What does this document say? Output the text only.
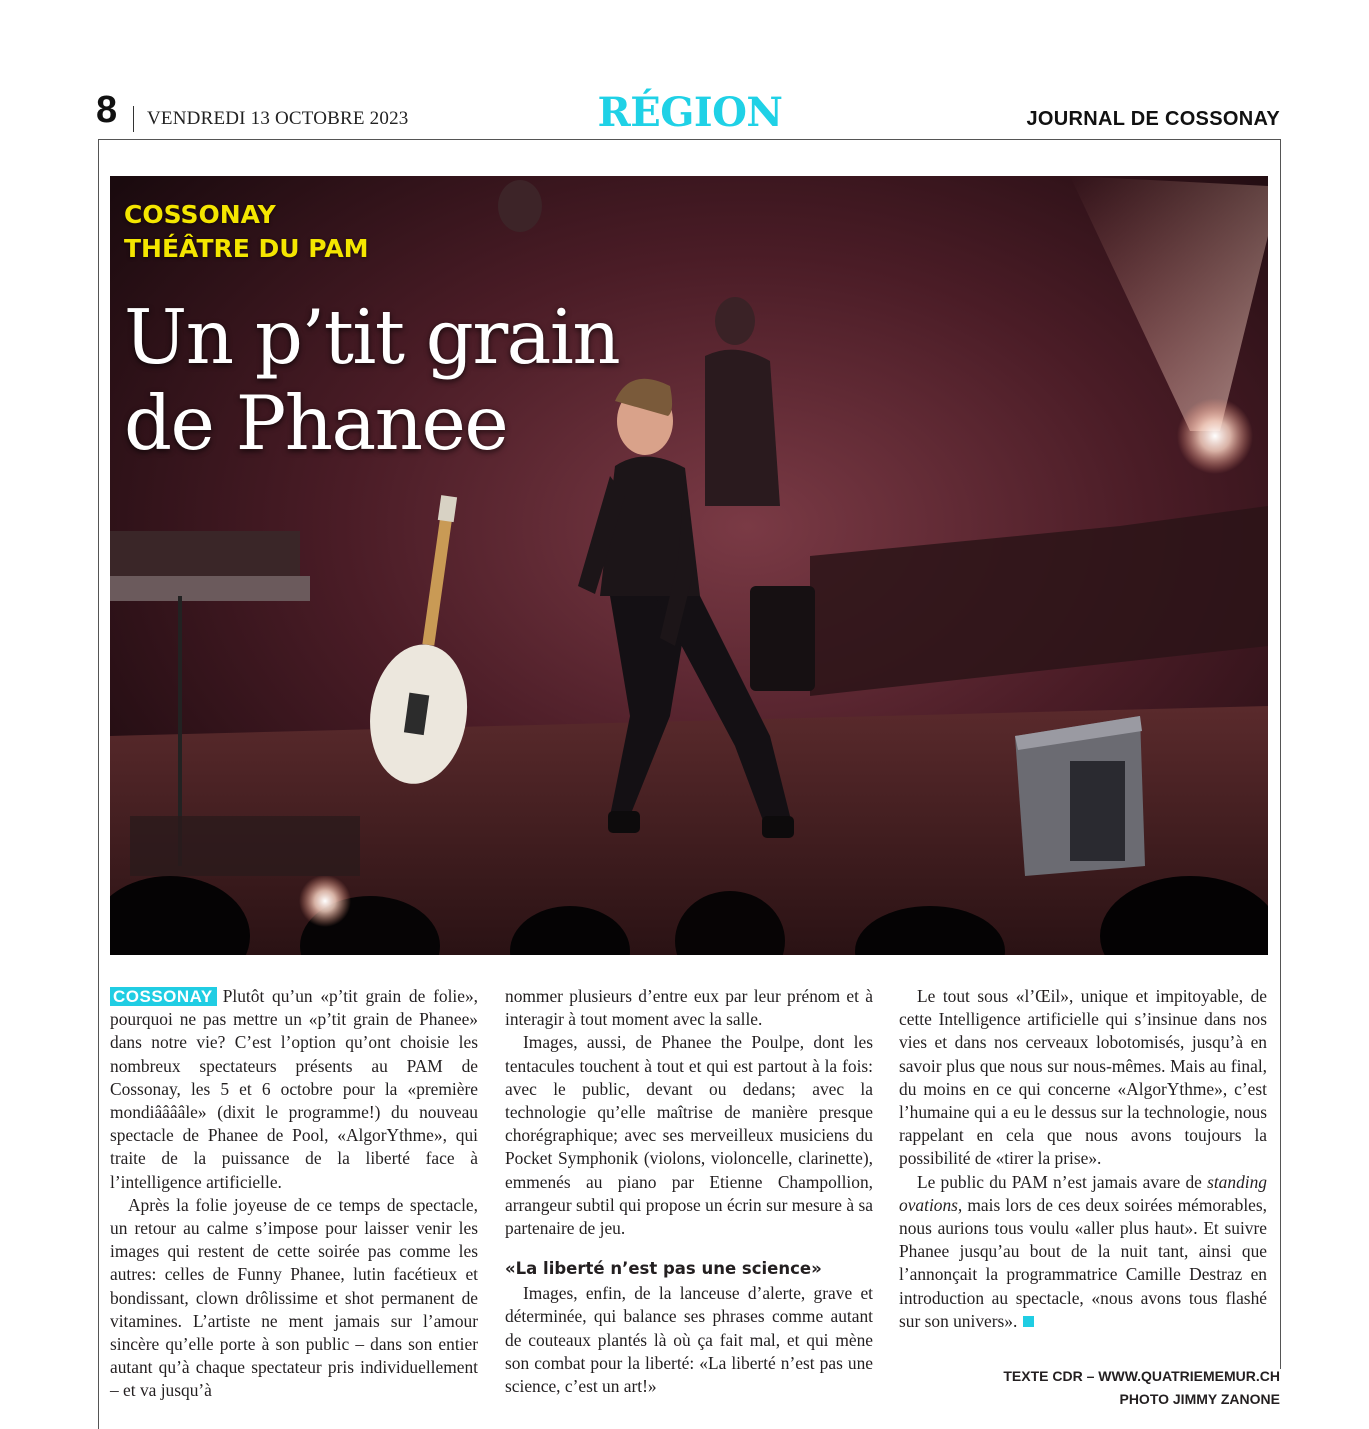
8 VENDREDI 13 OCTOBRE 2023	RÉGION	JOURNAL DE COSSONAY
COSSONAY
THÉÂTRE DU PAM
Un p’tit grain
de Phanee

COSSONAY Plutôt qu’un «p’tit grain de folie», pourquoi ne pas mettre un «p’tit grain de Phanee» dans notre vie? C’est l’option qu’ont choisie les nombreux spectateurs présents au PAM de Cossonay, les 5 et 6 octobre pour la «première mondiââââle» (dixit le programme!) du nouveau spectacle de Phanee de Pool, «AlgorYthme», qui traite de la puissance de la liberté face à l’intelligence artificielle.

Après la folie joyeuse de ce temps de spectacle, un retour au calme s’impose pour laisser venir les images qui restent de cette soirée pas comme les autres: celles de Funny Phanee, lutin facétieux et bondissant, clown drôlissime et shot permanent de vitamines. L’artiste ne ment jamais sur l’amour sincère qu’elle porte à son public – dans son entier autant qu’à chaque spectateur pris individuellement – et va jusqu’à

nommer plusieurs d’entre eux par leur prénom et à interagir à tout moment avec la salle.

Images, aussi, de Phanee the Poulpe, dont les tentacules touchent à tout et qui est partout à la fois: avec le public, devant ou dedans; avec la technologie qu’elle maîtrise de manière presque chorégraphique; avec ses merveilleux musiciens du Pocket Symphonik (violons, violoncelle, clarinette), emmenés au piano par Etienne Champollion, arrangeur subtil qui propose un écrin sur mesure à sa partenaire de jeu.

«La liberté n’est pas une science»

Images, enfin, de la lanceuse d’alerte, grave et déterminée, qui balance ses phrases comme autant de couteaux plantés là où ça fait mal, et qui mène son combat pour la liberté: «La liberté n’est pas une science, c’est un art!»

Le tout sous «l’Œil», unique et impitoyable, de cette Intelligence artificielle qui s’insinue dans nos vies et dans nos cerveaux lobotomisés, jusqu’à en savoir plus que nous sur nous-mêmes. Mais au final, du moins en ce qui concerne «AlgorYthme», c’est l’humaine qui a eu le dessus sur la technologie, nous rappelant en cela que nous avons toujours la possibilité de «tirer la prise».

Le public du PAM n’est jamais avare de standing ovations, mais lors de ces deux soirées mémorables, nous aurions tous voulu «aller plus haut». Et suivre Phanee jusqu’au bout de la nuit tant, ainsi que l’annonçait la programmatrice Camille Destraz en introduction au spectacle, «nous avons tous flashé sur son univers».

TEXTE CDR – WWW.QUATRIEMEMUR.CH
PHOTO JIMMY ZANONE
